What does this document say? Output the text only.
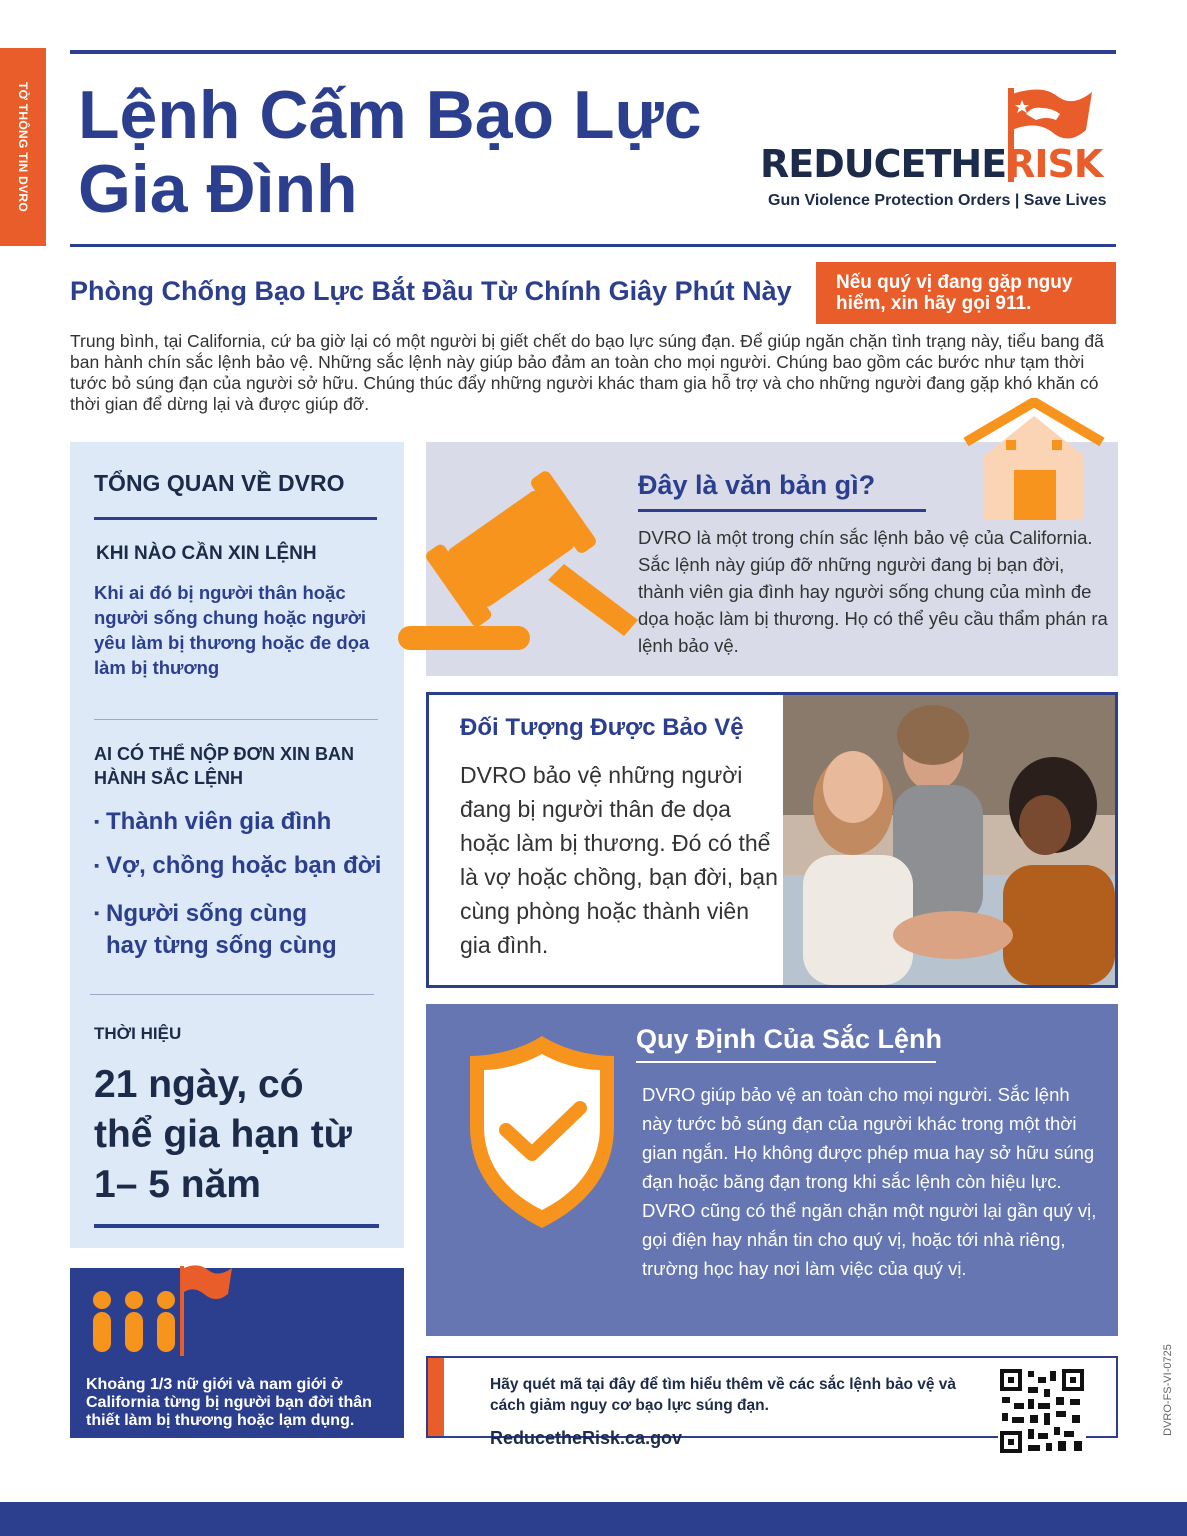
TỜ THÔNG TIN DVRO Lệnh Cấm Bạo Lực Gia Đình	REDUCETHERISK
Gun Violence Protection Orders | Save Lives
Phòng Chống Bạo Lực Bắt Đầu Từ Chính Giây Phút Này	Nếu quý vị đang gặp nguy hiểm, xin hãy gọi 911.
Trung bình, tại California, cứ ba giờ lại có một người bị giết chết do bạo lực súng đạn. Để giúp ngăn chặn tình trạng này, tiểu bang đã ban hành chín sắc lệnh bảo vệ. Những sắc lệnh này giúp bảo đảm an toàn cho mọi người. Chúng bao gồm các bước như tạm thời tước bỏ súng đạn của người sở hữu. Chúng thúc đẩy những người khác tham gia hỗ trợ và cho những người đang gặp khó khăn có thời gian để dừng lại và được giúp đỡ.
TỔNG QUAN VỀ DVRO
KHI NÀO CẦN XIN LỆNH
Khi ai đó bị người thân hoặc người sống chung hoặc người yêu làm bị thương hoặc đe dọa làm bị thương
AI CÓ THỂ NỘP ĐƠN XIN BAN HÀNH SẮC LỆNH
▪ Thành viên gia đình
▪ Vợ, chồng hoặc bạn đời
▪ Người sống cùng hay từng sống cùng
THỜI HIỆU
21 ngày, có thể gia hạn từ 1– 5 năm
Khoảng 1/3 nữ giới và nam giới ở California từng bị người bạn đời thân thiết làm bị thương hoặc lạm dụng.
Đây là văn bản gì?
DVRO là một trong chín sắc lệnh bảo vệ của California. Sắc lệnh này giúp đỡ những người đang bị bạn đời, thành viên gia đình hay người sống chung của mình đe dọa hoặc làm bị thương. Họ có thể yêu cầu thẩm phán ra lệnh bảo vệ.
Đối Tượng Được Bảo Vệ
DVRO bảo vệ những người đang bị người thân đe dọa hoặc làm bị thương. Đó có thể là vợ hoặc chồng, bạn đời, bạn cùng phòng hoặc thành viên gia đình.
Quy Định Của Sắc Lệnh
DVRO giúp bảo vệ an toàn cho mọi người. Sắc lệnh này tước bỏ súng đạn của người khác trong một thời gian ngắn. Họ không được phép mua hay sở hữu súng đạn hoặc băng đạn trong khi sắc lệnh còn hiệu lực. DVRO cũng có thể ngăn chặn một người lại gần quý vị, gọi điện hay nhắn tin cho quý vị, hoặc tới nhà riêng, trường học hay nơi làm việc của quý vị.
Hãy quét mã tại đây để tìm hiểu thêm về các sắc lệnh bảo vệ và cách giảm nguy cơ bạo lực súng đạn.
ReducetheRisk.ca.gov
DVRO-FS-VI-0725
